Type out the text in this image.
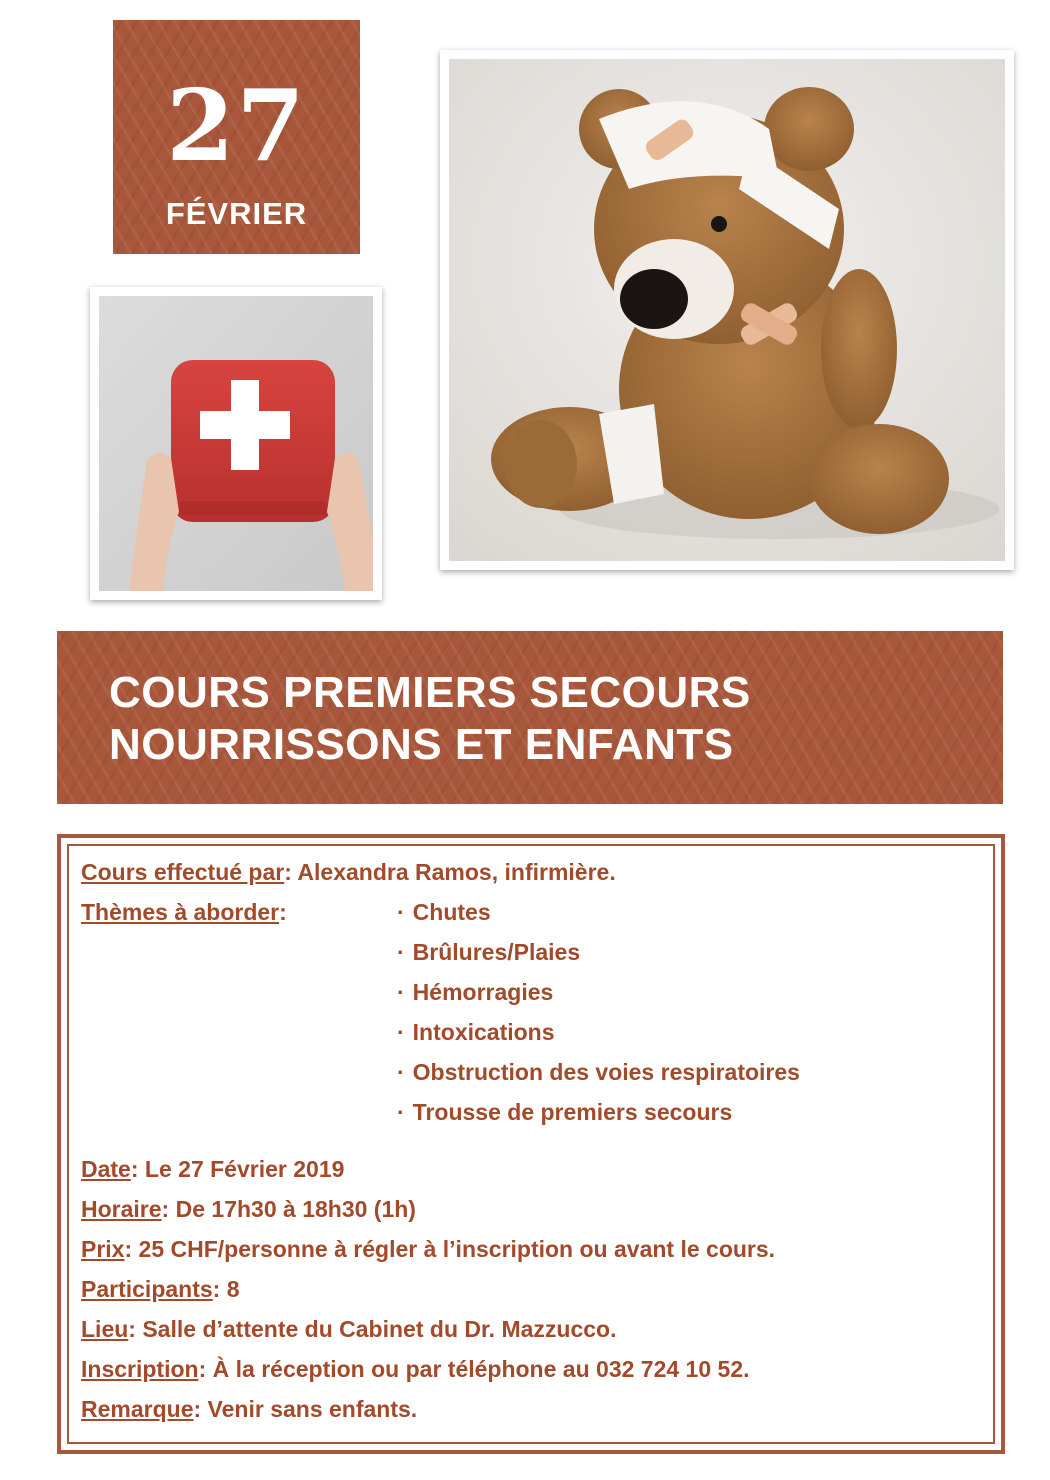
27
FÉVRIER
COURS PREMIERS SECOURS
NOURRISSONS ET ENFANTS
Cours effectué par: Alexandra Ramos, infirmière.
Thèmes à aborder:	· Chutes
· Brûlures/Plaies
· Hémorragies
· Intoxications
· Obstruction des voies respiratoires
· Trousse de premiers secours
Date: Le 27 Février 2019
Horaire: De 17h30 à 18h30 (1h)
Prix: 25 CHF/personne à régler à l’inscription ou avant le cours.
Participants: 8
Lieu: Salle d’attente du Cabinet du Dr. Mazzucco.
Inscription: À la réception ou par téléphone au 032 724 10 52.
Remarque: Venir sans enfants.
